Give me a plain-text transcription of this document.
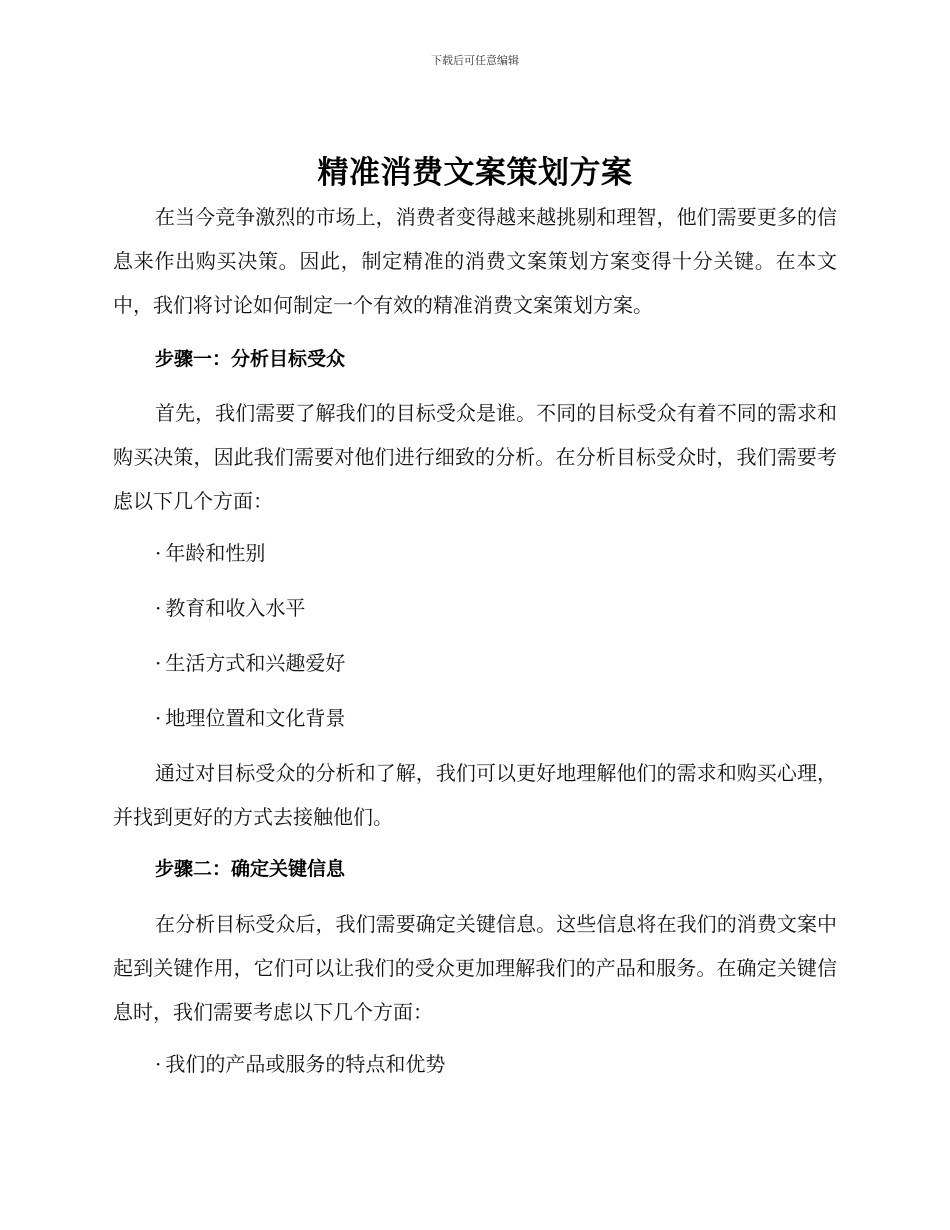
下载后可任意编辑
精准消费文案策划方案

在当今竞争激烈的市场上，消费者变得越来越挑剔和理智，他们需要更多的信息来作出购买决策。因此，制定精准的消费文案策划方案变得十分关键。在本文中，我们将讨论如何制定一个有效的精准消费文案策划方案。

步骤一：分析目标受众

首先，我们需要了解我们的目标受众是谁。不同的目标受众有着不同的需求和购买决策，因此我们需要对他们进行细致的分析。在分析目标受众时，我们需要考虑以下几个方面：

· 年龄和性别

· 教育和收入水平

· 生活方式和兴趣爱好

· 地理位置和文化背景

通过对目标受众的分析和了解，我们可以更好地理解他们的需求和购买心理，并找到更好的方式去接触他们。

步骤二：确定关键信息

在分析目标受众后，我们需要确定关键信息。这些信息将在我们的消费文案中起到关键作用，它们可以让我们的受众更加理解我们的产品和服务。在确定关键信息时，我们需要考虑以下几个方面：

· 我们的产品或服务的特点和优势
